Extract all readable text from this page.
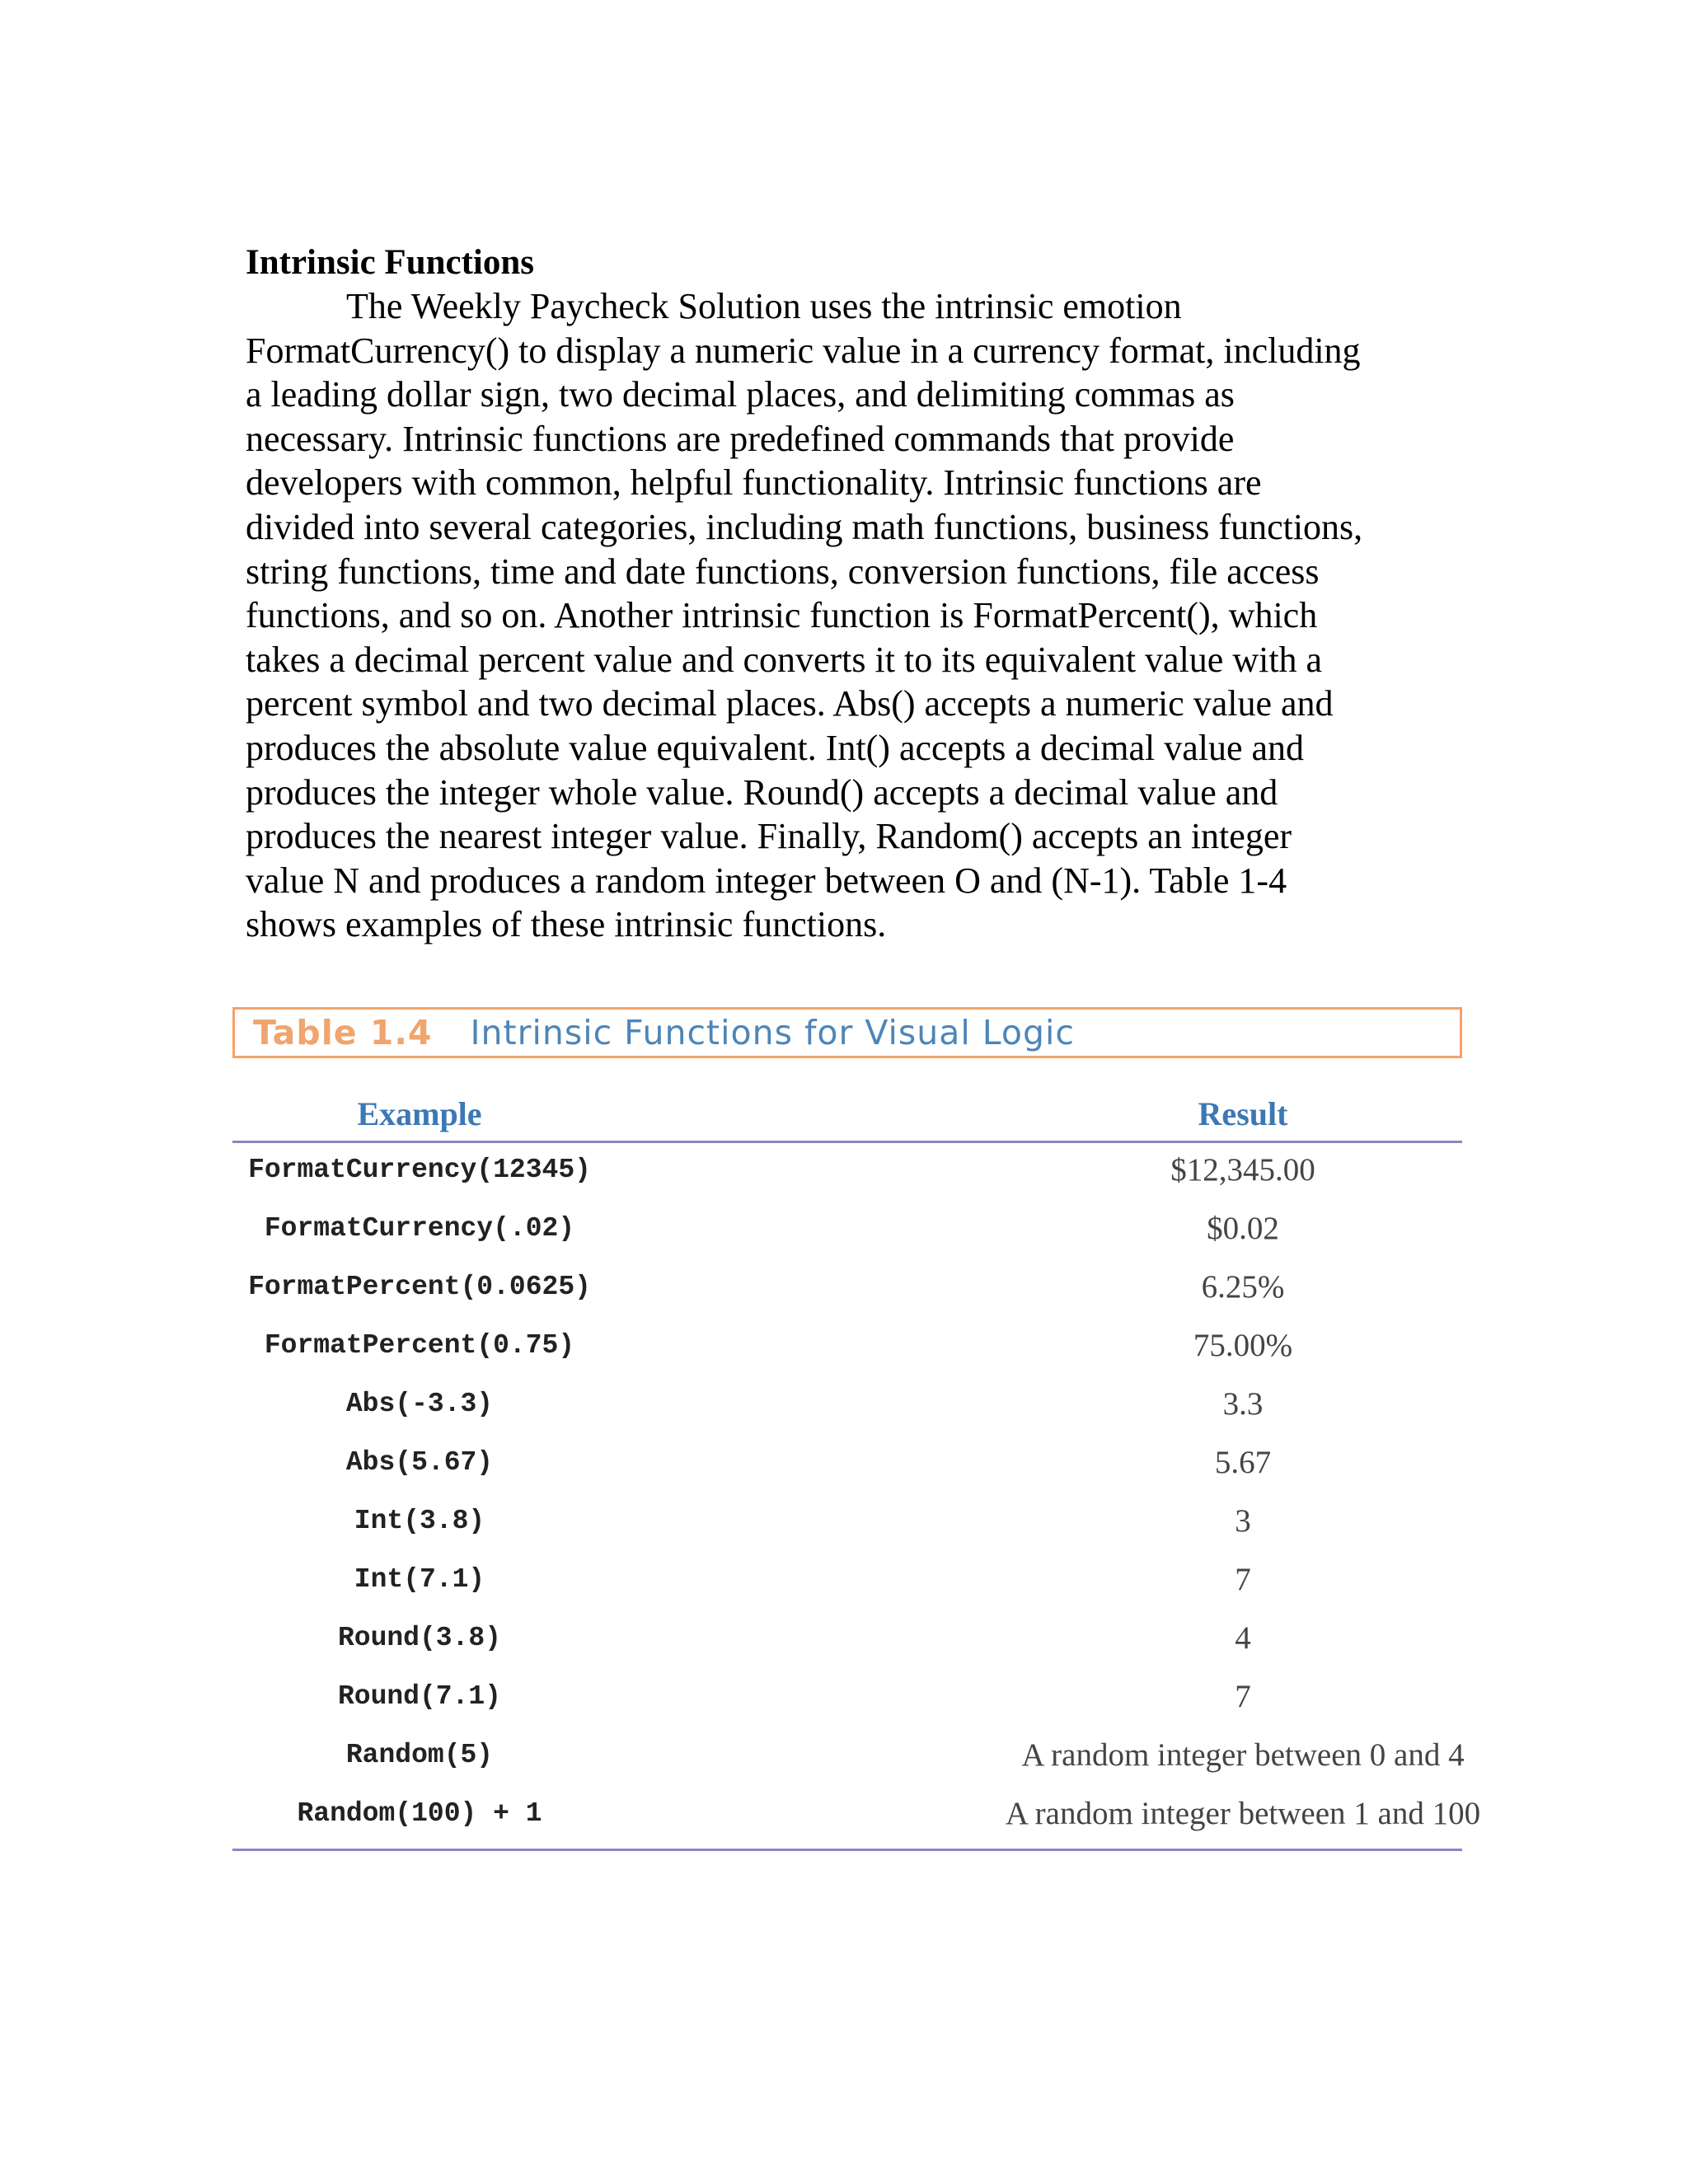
Intrinsic Functions

The Weekly Paycheck Solution uses the intrinsic emotion
FormatCurrency() to display a numeric value in a currency format, including
a leading dollar sign, two decimal places, and delimiting commas as
necessary. Intrinsic functions are predefined commands that provide
developers with common, helpful functionality. Intrinsic functions are
divided into several categories, including math functions, business functions,
string functions, time and date functions, conversion functions, file access
functions, and so on. Another intrinsic function is FormatPercent(), which
takes a decimal percent value and converts it to its equivalent value with a
percent symbol and two decimal places. Abs() accepts a numeric value and
produces the absolute value equivalent. Int() accepts a decimal value and
produces the integer whole value. Round() accepts a decimal value and
produces the nearest integer value. Finally, Random() accepts an integer
value N and produces a random integer between O and (N-1). Table 1-4
shows examples of these intrinsic functions.

Table 1.4 Intrinsic Functions for Visual Logic
Example	Result
FormatCurrency(12345)	$12,345.00
FormatCurrency(.02)	$0.02
FormatPercent(0.0625)	6.25%
FormatPercent(0.75)	75.00%
Abs(-3.3)	3.3
Abs(5.67)	5.67
Int(3.8)	3
Int(7.1)	7
Round(3.8)	4
Round(7.1)	7
Random(5)	A random integer between 0 and 4
Random(100) + 1	A random integer between 1 and 100
